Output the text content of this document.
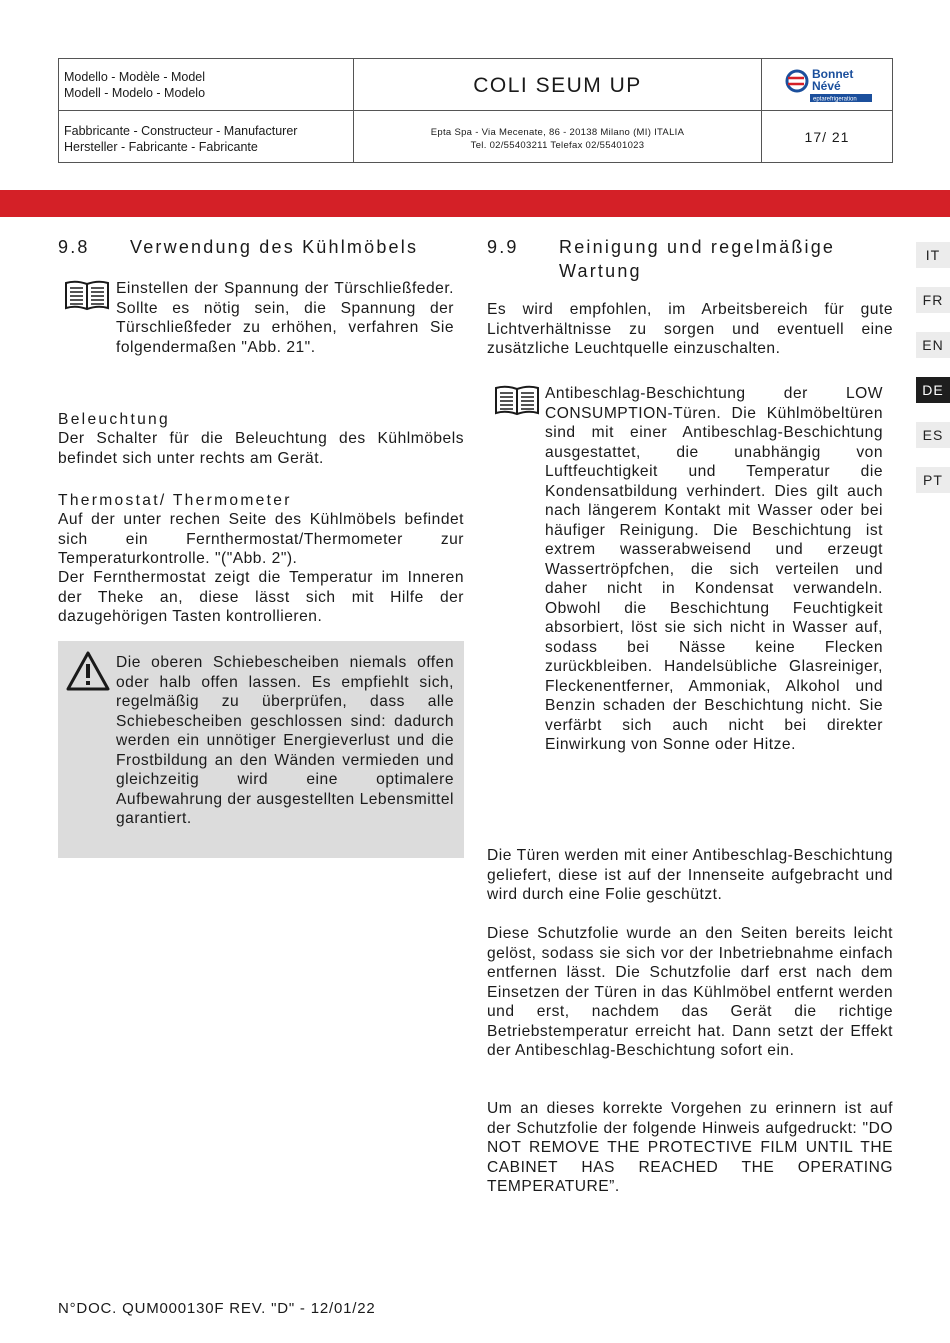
Modello - Modèle - Model
Modell - Modelo - Modelo	COLI SEUM UP	Bonnet
Névé
eptarefrigeration
Fabbricante - Constructeur - Manufacturer
Hersteller - Fabricante - Fabricante
Epta Spa - Via Mecenate, 86 - 20138 Milano (MI) ITALIA
Tel. 02/55403211 Telefax 02/55401023
17/ 21
IT
FR
EN
DE
ES
PT
9.8 Verwendung des Kühlmöbels
Einstellen der Spannung der Türschließfeder. Sollte es nötig sein, die Spannung der Türschließfeder zu erhöhen, verfahren Sie folgendermaßen "Abb. 21".
Beleuchtung
Der Schalter für die Beleuchtung des Kühlmöbels befindet sich unter rechts am Gerät.
Thermostat/ Thermometer
Auf der unter rechen Seite des Kühlmöbels befindet sich ein Fernthermostat/Thermometer zur Temperaturkontrolle. "("Abb. 2").
Der Fernthermostat zeigt die Temperatur im Inneren der Theke an, diese lässt sich mit Hilfe der dazugehörigen Tasten kontrollieren.
Die oberen Schiebescheiben niemals offen oder halb offen lassen. Es empfiehlt sich, regelmäßig zu überprüfen, dass alle Schiebescheiben geschlossen sind: dadurch werden ein unnötiger Energieverlust und die Frostbildung an den Wänden vermieden und gleichzeitig wird eine optimalere Aufbewahrung der ausgestellten Lebensmittel garantiert.
9.9 Reinigung und regelmäßige
Wartung
Es wird empfohlen, im Arbeitsbereich für gute Lichtverhältnisse zu sorgen und eventuell eine zusätzliche Leuchtquelle einzuschalten.
Antibeschlag-Beschichtung der LOW CONSUMPTION-Türen. Die Kühlmöbeltüren sind mit einer Antibeschlag-Beschichtung ausgestattet, die unabhängig von Luftfeuchtigkeit und Temperatur die Kondensatbildung verhindert. Dies gilt auch nach längerem Kontakt mit Wasser oder bei häufiger Reinigung. Die Beschichtung ist extrem wasserabweisend und erzeugt Wassertröpfchen, die sich verteilen und daher nicht in Kondensat verwandeln. Obwohl die Beschichtung Feuchtigkeit absorbiert, löst sie sich nicht in Wasser auf, sodass bei Nässe keine Flecken zurückbleiben. Handelsübliche Glasreiniger, Fleckenentferner, Ammoniak, Alkohol und Benzin schaden der Beschichtung nicht. Sie verfärbt sich auch nicht bei direkter Einwirkung von Sonne oder Hitze.
Die Türen werden mit einer Antibeschlag-Beschichtung geliefert, diese ist auf der Innenseite aufgebracht und wird durch eine Folie geschützt.
Diese Schutzfolie wurde an den Seiten bereits leicht gelöst, sodass sie sich vor der Inbetriebnahme einfach entfernen lässt. Die Schutzfolie darf erst nach dem Einsetzen der Türen in das Kühlmöbel entfernt werden und erst, nachdem das Gerät die richtige Betriebstemperatur erreicht hat. Dann setzt der Effekt der Antibeschlag-Beschichtung sofort ein.
Um an dieses korrekte Vorgehen zu erinnern ist auf der Schutzfolie der folgende Hinweis aufgedruckt: "DO NOT REMOVE THE PROTECTIVE FILM UNTIL THE CABINET HAS REACHED THE OPERATING TEMPERATURE”.
N°DOC. QUM000130F REV. "D" - 12/01/22
